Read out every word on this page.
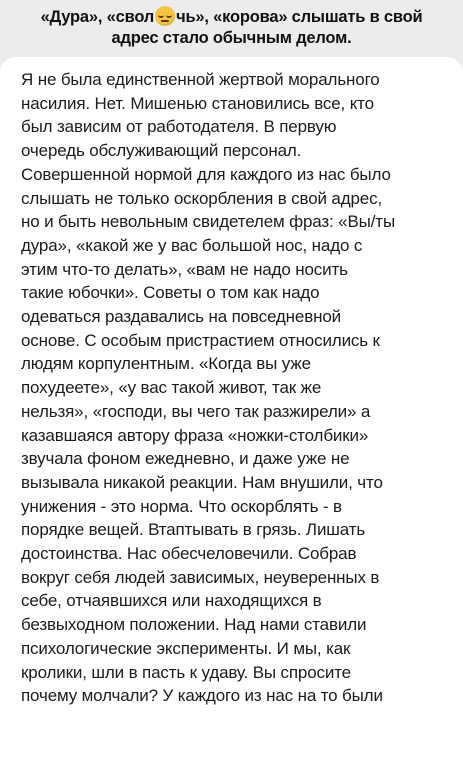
«Дура», «свол чь», «корова» слышать в свой
адрес стало обычным делом.
Я не была единственной жертвой морального
насилия. Нет. Мишенью становились все, кто
был зависим от работодателя. В первую
очередь обслуживающий персонал.
Совершенной нормой для каждого из нас было
слышать не только оскорбления в свой адрес,
но и быть невольным свидетелем фраз: «Вы/ты
дура», «какой же у вас большой нос, надо с
этим что-то делать», «вам не надо носить
такие юбочки». Советы о том как надо
одеваться раздавались на повседневной
основе. С особым пристрастием относились к
людям корпулентным. «Когда вы уже
похудеете», «у вас такой живот, так же
нельзя», «господи, вы чего так разжирели» а
казавшаяся автору фраза «ножки-столбики»
звучала фоном ежедневно, и даже уже не
вызывала никакой реакции. Нам внушили, что
унижения - это норма. Что оскорблять - в
порядке вещей. Втаптывать в грязь. Лишать
достоинства. Нас обесчеловечили. Собрав
вокруг себя людей зависимых, неуверенных в
себе, отчаявшихся или находящихся в
безвыходном положении. Над нами ставили
психологические эксперименты. И мы, как
кролики, шли в пасть к удаву. Вы спросите
почему молчали? У каждого из нас на то были
